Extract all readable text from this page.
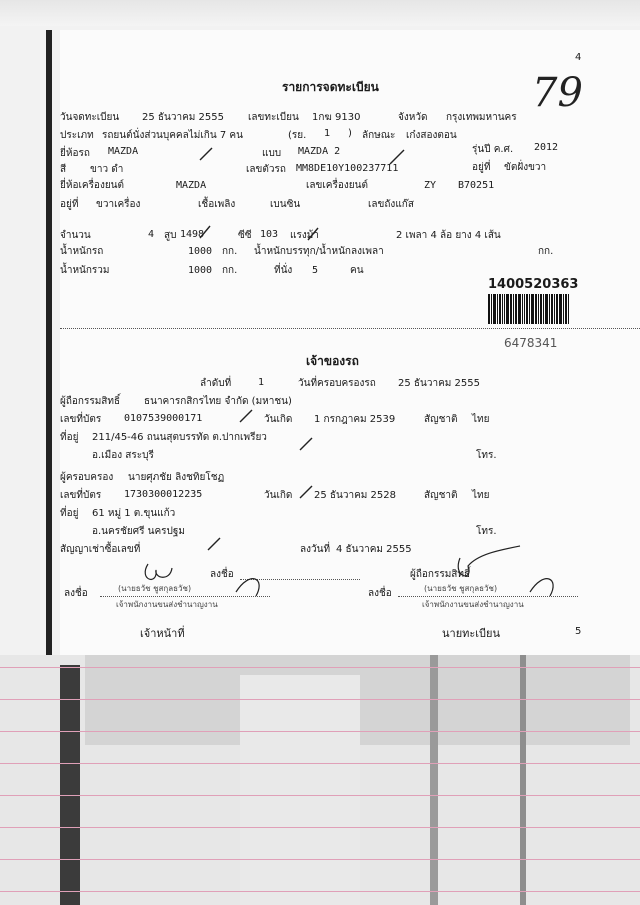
4
79
รายการจดทะเบียน
วันจดทะเบียน 25 ธันวาคม 2555 เลขทะเบียน 1กฆ 9130	จังหวัด กรุงเทพมหานคร
ประเภท รถยนต์นั่งส่วนบุคคลไม่เกิน 7 คน	(รย. 1 ) ลักษณะ เก๋งสองตอน
ยี่ห้อรถ MAZDA	แบบ MAZDA 2	รุ่นปี ค.ศ. 2012
สี ขาว ดำ	เลขตัวรถ MM8DE10Y100237711	อยู่ที่ ขัตฝั่งขวา
ยี่ห้อเครื่องยนต์	MAZDA	เลขเครื่องยนต์	ZY B70251
อยู่ที่ ขวาเครื่อง	เชื้อเพลิง	เบนซิน	เลขถังแก๊ส
จำนวน	4 สูบ 1498	ซีซี 103 แรงม้า	2 เพลา 4 ล้อ ยาง 4 เส้น
น้ำหนักรถ	1000 กก. น้ำหนักบรรทุก/น้ำหนักลงเพลา	กก.
น้ำหนักรวม	1000 กก.	ที่นั่ง 5	คน
1400520363
6478341
เจ้าของรถ
ลำดับที่	1	วันที่ครอบครองรถ 25 ธันวาคม 2555
ผู้ถือกรรมสิทธิ์ ธนาคารกสิกรไทย จำกัด (มหาชน)
เลขที่บัตร 0107539000171	วันเกิด 1 กรกฎาคม 2539	สัญชาติ ไทย
ที่อยู่ 211/45-46 ถนนสุตบรรทัด ต.ปากเพรียว
อ.เมือง สระบุรี	โทร.
ผู้ครอบครอง นายศุภชัย ลิงชทิยโชฏ
เลขที่บัตร 1730300012235	วันเกิด 25 ธันวาคม 2528	สัญชาติ ไทย
ที่อยู่ 61 หมู่ 1 ต.ขุนแก้ว
อ.นครชัยศรี นครปฐม	โทร.
สัญญาเช่าซื้อเลขที่	ลงวันที่ 4 ธันวาคม 2555
ลงชื่อ	ผู้ถือกรรมสิทธิ์
ลงชื่อ	(นายธวัช ชูสกุลธวัช)
เจ้าพนักงานขนส่งชำนาญงาน
ลงชื่อ	(นายธวัช ชูสกุลธวัช)
เจ้าพนักงานขนส่งชำนาญงาน
เจ้าหน้าที่	นายทะเบียน	5
